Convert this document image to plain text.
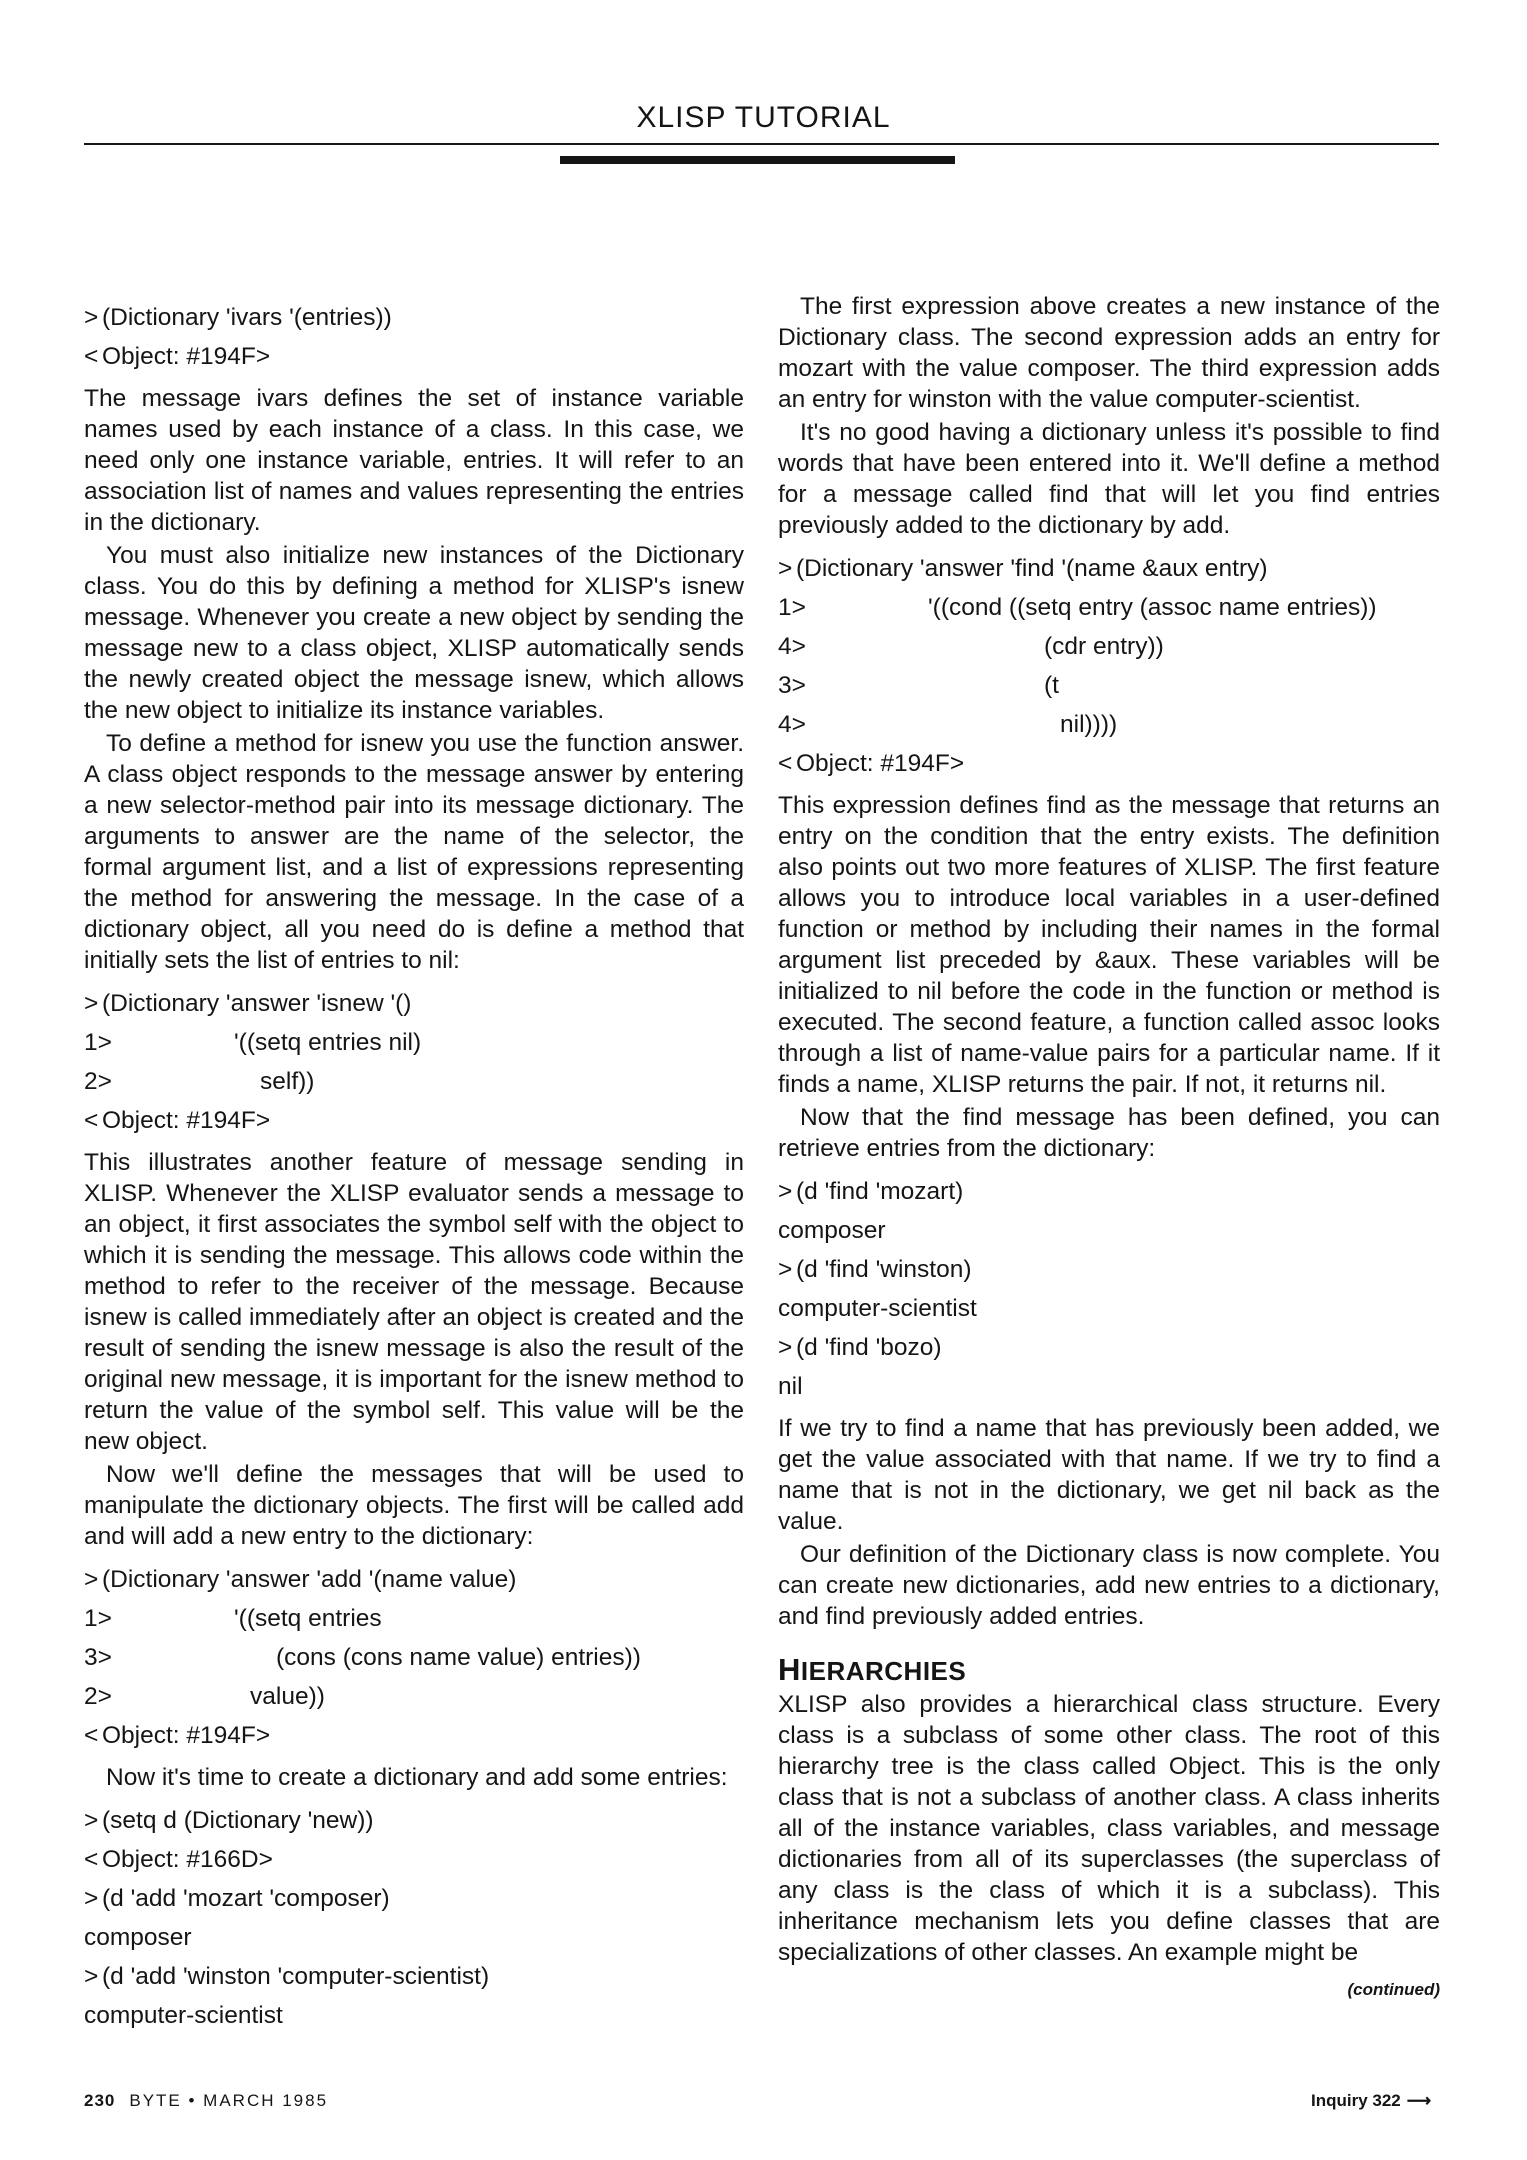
XLISP TUTORIAL
> (Dictionary 'ivars '(entries))
< Object: #194F>

The message ivars defines the set of instance variable names used by each instance of a class. In this case, we need only one instance variable, entries. It will refer to an association list of names and values representing the entries in the dictionary.

You must also initialize new instances of the Dictionary class. You do this by defining a method for XLISP's isnew message. Whenever you create a new object by sending the message new to a class object, XLISP automatically sends the newly created object the message isnew, which allows the new object to initialize its instance variables.

To define a method for isnew you use the function answer. A class object responds to the message answer by entering a new selector-method pair into its message dictionary. The arguments to answer are the name of the selector, the formal argument list, and a list of expressions representing the method for answering the message. In the case of a dictionary object, all you need do is define a method that initially sets the list of entries to nil:

> (Dictionary 'answer 'isnew '()
1>	'((setq entries nil)
2>	self))
< Object: #194F>

This illustrates another feature of message sending in XLISP. Whenever the XLISP evaluator sends a message to an object, it first associates the symbol self with the object to which it is sending the message. This allows code within the method to refer to the receiver of the message. Because isnew is called immediately after an object is created and the result of sending the isnew message is also the result of the original new message, it is important for the isnew method to return the value of the symbol self. This value will be the new object.

Now we'll define the messages that will be used to manipulate the dictionary objects. The first will be called add and will add a new entry to the dictionary:

> (Dictionary 'answer 'add '(name value)
1>	'((setq entries
3>	(cons (cons name value) entries))
2>	value))
< Object: #194F>

Now it's time to create a dictionary and add some entries:

> (setq d (Dictionary 'new))
< Object: #166D>
> (d 'add 'mozart 'composer)
composer
> (d 'add 'winston 'computer-scientist)
computer-scientist

The first expression above creates a new instance of the Dictionary class. The second expression adds an entry for mozart with the value composer. The third expression adds an entry for winston with the value computer-scientist.

It's no good having a dictionary unless it's possible to find words that have been entered into it. We'll define a method for a message called find that will let you find entries previously added to the dictionary by add.

> (Dictionary 'answer 'find '(name &aux entry)
1>	'((cond ((setq entry (assoc name entries))
4>	(cdr entry))
3>	(t
4>	nil))))
< Object: #194F>

This expression defines find as the message that returns an entry on the condition that the entry exists. The definition also points out two more features of XLISP. The first feature allows you to introduce local variables in a user-defined function or method by including their names in the formal argument list preceded by &aux. These variables will be initialized to nil before the code in the function or method is executed. The second feature, a function called assoc looks through a list of name-value pairs for a particular name. If it finds a name, XLISP returns the pair. If not, it returns nil.

Now that the find message has been defined, you can retrieve entries from the dictionary:

> (d 'find 'mozart)
composer
> (d 'find 'winston)
computer-scientist
> (d 'find 'bozo)
nil

If we try to find a name that has previously been added, we get the value associated with that name. If we try to find a name that is not in the dictionary, we get nil back as the value.

Our definition of the Dictionary class is now complete. You can create new dictionaries, add new entries to a dictionary, and find previously added entries.

HIERARCHIES

XLISP also provides a hierarchical class structure. Every class is a subclass of some other class. The root of this hierarchy tree is the class called Object. This is the only class that is not a subclass of another class. A class inherits all of the instance variables, class variables, and message dictionaries from all of its superclasses (the superclass of any class is the class of which it is a subclass). This inheritance mechanism lets you define classes that are specializations of other classes. An example might be

(continued)
230 BYTE • MARCH 1985	Inquiry 322 ⟶
